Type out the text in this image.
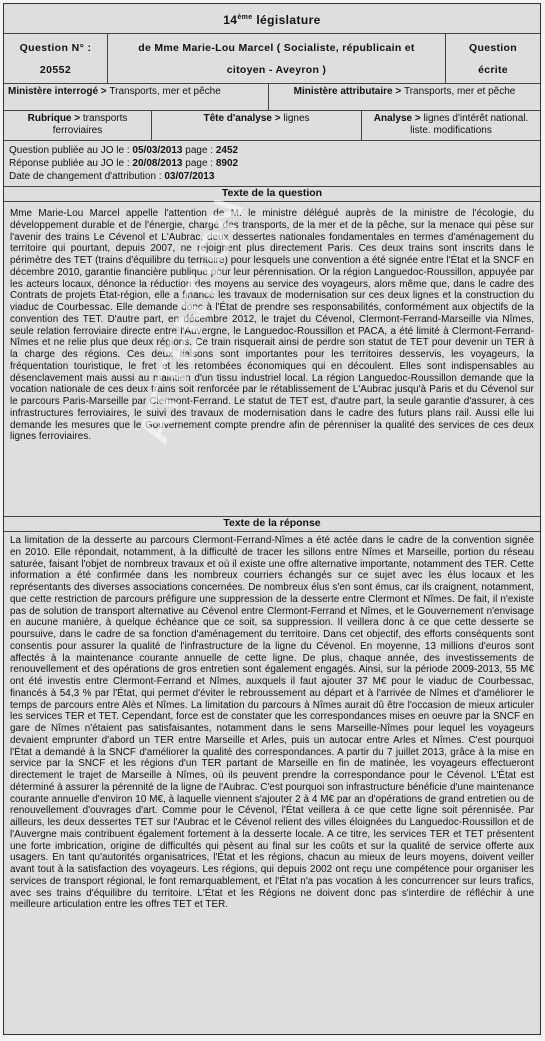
14ème législature
Question N° :
20552
de Mme Marie-Lou Marcel ( Socialiste, républicain et
citoyen - Aveyron )
Question
écrite
Ministère interrogé > Transports, mer et pêche	Ministère attributaire > Transports, mer et pêche
Rubrique > transports ferroviaires
Tête d'analyse > lignes	Analyse > lignes d'intérêt national. liste. modifications
Question publiée au JO le : 05/03/2013 page : 2452
Réponse publiée au JO le : 20/08/2013 page : 8902
Date de changement d'attribution : 03/07/2013
Texte de la question
Mme Marie-Lou Marcel appelle l'attention de M. le ministre délégué auprès de la ministre de l'écologie, du développement durable et de l'énergie, chargé des transports, de la mer et de la pêche, sur la menace qui pèse sur l'avenir des trains Le Cévenol et L'Aubrac, deux dessertes nationales fondamentales en termes d'aménagement du territoire qui pourtant, depuis 2007, ne rejoignent plus directement Paris. Ces deux trains sont inscrits dans le périmètre des TET (trains d'équilibre du territoire) pour lesquels une convention a été signée entre l'État et la SNCF en décembre 2010, garantie financière publique pour leur pérennisation. Or la région Languedoc-Roussillon, appuyée par les acteurs locaux, dénonce la réduction des moyens au service des voyageurs, alors même que, dans le cadre des Contrats de projets État-région, elle a financé les travaux de modernisation sur ces deux lignes et la construction du viaduc de Courbessac. Elle demande donc à l'État de prendre ses responsabilités, conformément aux objectifs de la convention des TET. D'autre part, en décembre 2012, le trajet du Cévenol, Clermont-Ferrand-Marseille via Nîmes, seule relation ferroviaire directe entre l'Auvergne, le Languedoc-Roussillon et PACA, a été limité à Clermont-Ferrand-Nîmes et ne relie plus que deux régions. Ce train risquerait ainsi de perdre son statut de TET pour devenir un TER à la charge des régions. Ces deux liaisons sont importantes pour les territoires desservis, les voyageurs, la fréquentation touristique, le fret et les retombées économiques qui en découlent. Elles sont indispensables au désenclavement mais aussi au maintien d'un tissu industriel local. La région Languedoc-Roussillon demande que la vocation nationale de ces deux trains soit renforcée par le rétablissement de L'Aubrac jusqu'à Paris et du Cévenol sur le parcours Paris-Marseille par Clermont-Ferrand. Le statut de TET est, d'autre part, la seule garantie d'assurer, à ces infrastructures ferroviaires, le suivi des travaux de modernisation dans le cadre des futurs plans rail. Aussi elle lui demande les mesures que le Gouvernement compte prendre afin de pérenniser la qualité des services de ces deux lignes ferroviaires.
Texte de la réponse
La limitation de la desserte au parcours Clermont-Ferrand-Nîmes a été actée dans le cadre de la convention signée en 2010. Elle répondait, notamment, à la difficulté de tracer les sillons entre Nîmes et Marseille, portion du réseau saturée, faisant l'objet de nombreux travaux et où il existe une offre alternative importante, notamment des TER. Cette information a été confirmée dans les nombreux courriers échangés sur ce sujet avec les élus locaux et les représentants des diverses associations concernées. De nombreux élus s'en sont émus, car ils craignent, notamment, que cette restriction de parcours préfigure une suppression de la desserte entre Clermont et Nîmes. De fait, il n'existe pas de solution de transport alternative au Cévenol entre Clermont-Ferrand et Nîmes, et le Gouvernement n'envisage en aucune manière, à quelque échéance que ce soit, sa suppression. Il veillera donc à ce que cette desserte se poursuive, dans le cadre de sa fonction d'aménagement du territoire. Dans cet objectif, des efforts conséquents sont consentis pour assurer la qualité de l'infrastructure de la ligne du Cévenol. En moyenne, 13 millions d'euros sont affectés à la maintenance courante annuelle de cette ligne. De plus, chaque année, des investissements de renouvellement et des opérations de gros entretien sont également engagés. Ainsi, sur la période 2009-2013, 55 M€ ont été investis entre Clermont-Ferrand et Nîmes, auxquels il faut ajouter 37 M€ pour le viaduc de Courbessac, financés à 54,3 % par l'État, qui permet d'éviter le rebroussement au départ et à l'arrivée de Nîmes et d'améliorer le temps de parcours entre Alès et Nîmes. La limitation du parcours à Nîmes aurait dû être l'occasion de mieux articuler les services TER et TET. Cependant, force est de constater que les correspondances mises en oeuvre par la SNCF en gare de Nîmes n'étaient pas satisfaisantes, notamment dans le sens Marseille-Nîmes pour lequel les voyageurs devaient emprunter d'abord un TER entre Marseille et Arles, puis un autocar entre Arles et Nîmes. C'est pourquoi l'État a demandé à la SNCF d'améliorer la qualité des correspondances. A partir du 7 juillet 2013, grâce à la mise en service par la SNCF et les régions d'un TER partant de Marseille en fin de matinée, les voyageurs effectueront directement le trajet de Marseille à Nîmes, où ils peuvent prendre la correspondance pour le Cévenol. L'État est déterminé à assurer la pérennité de la ligne de l'Aubrac. C'est pourquoi son infrastructure bénéficie d'une maintenance courante annuelle d'environ 10 M€, à laquelle viennent s'ajouter 2 à 4 M€ par an d'opérations de grand entretien ou de renouvellement d'ouvrages d'art. Comme pour le Cévenol, l'État veillera à ce que cette ligne soit pérennisée. Par ailleurs, les deux dessertes TET sur l'Aubrac et le Cévenol relient des villes éloignées du Languedoc-Roussillon et de l'Auvergne mais contribuent également fortement à la desserte locale. A ce titre, les services TER et TET présentent une forte imbrication, origine de difficultés qui pèsent au final sur les coûts et sur la qualité de service offerte aux usagers. En tant qu'autorités organisatrices, l'État et les régions, chacun au mieux de leurs moyens, doivent veiller avant tout à la satisfaction des voyageurs. Les régions, qui depuis 2002 ont reçu une compétence pour organiser les services de transport régional, le font remarquablement, et l'État n'a pas vocation à les concurrencer sur leurs trafics, avec ses trains d'équilibre du territoire. L'État et les Régions ne doivent donc pas s'interdire de réfléchir à une meilleure articulation entre les offres TET et TER.
ATTENTION
